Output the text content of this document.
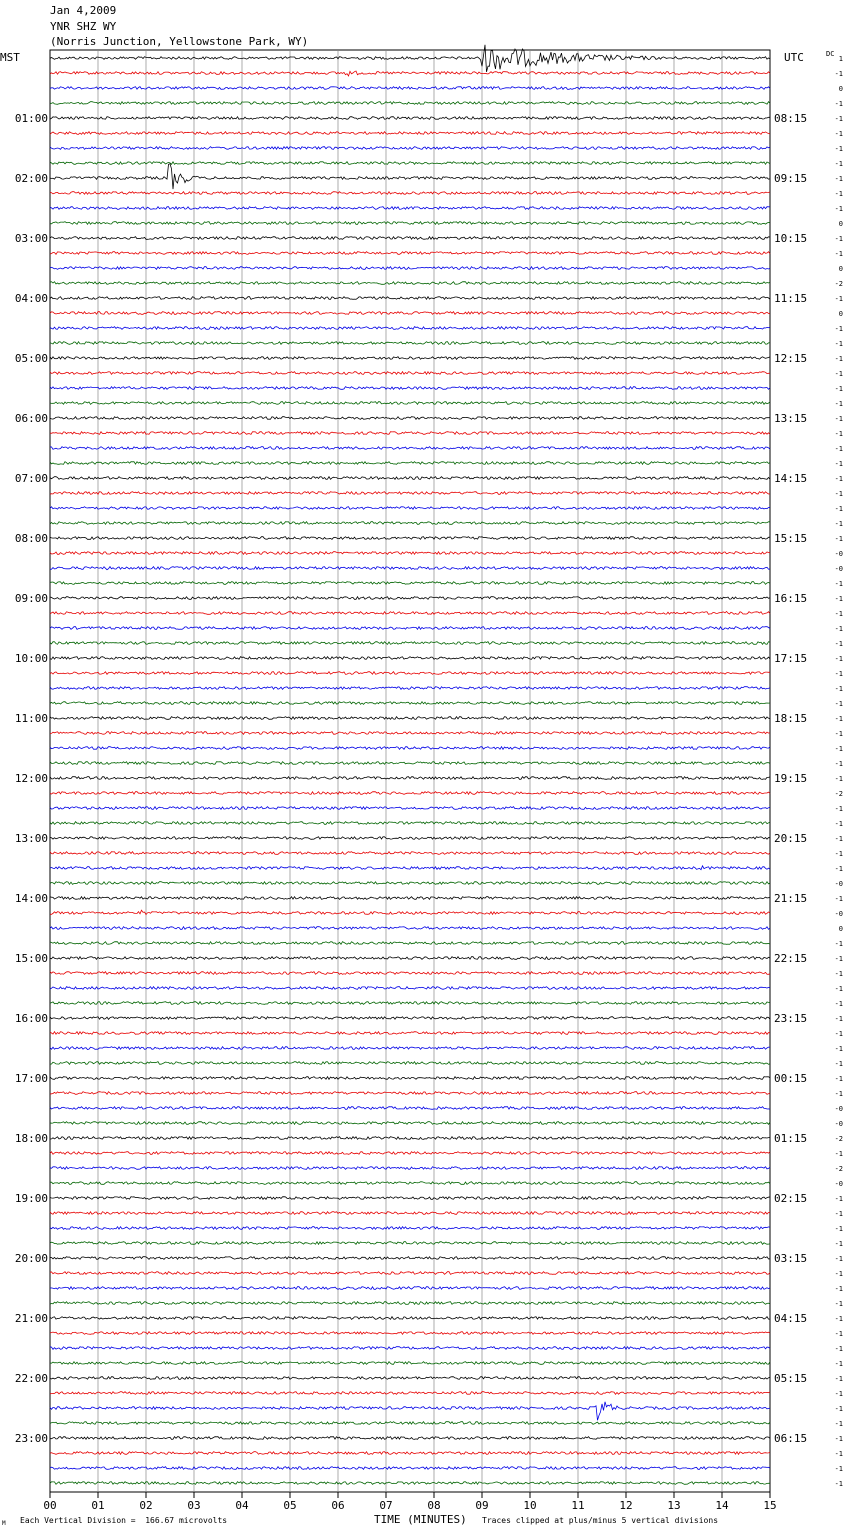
Jan 4,2009
YNR SHZ WY
(Norris Junction, Yellowstone Park, WY)
MST	UTC	DC
00	01	02	03	04	05	06	07	08	09	10	11	12	13	14	15
1
-1
0
-1
-1
-1
-1
-1
-1
-1
-1
0
-1
-1
0
-2
-1
0
-1
-1
-1
-1
-1
-1
-1
-1
-1
-1
-1
-1
-1
-1
-1
-0
-0
-1
-1
-1
-1
-1
-1
-1
-1
-1
-1
-1
-1
-1
-1
-2
-1
-1
-1
-1
-1
-0
-1
-0
0
-1
-1
-1
-1
-1
-1
-1
-1
-1
-1
-1
-0
-0
-2
-1
-2
-0
-1
-1
-1
-1
-1
-1
-1
-1
-1
-1
-1
-1
-1
-1
-1
-1
-1
-1
-1
-1
01:00
02:00
03:00
04:00
05:00
06:00
07:00
08:00
09:00
10:00
11:00
12:00
13:00
14:00
15:00
16:00
17:00
18:00
19:00
20:00
21:00
22:00
23:00
08:15
09:15
10:15
11:15
12:15
13:15
14:15
15:15
16:15
17:15
18:15
19:15
20:15
21:15
22:15
23:15
00:15
01:15
02:15
03:15
04:15
05:15
06:15
M Each Vertical Division =  166.67 microvolts	TIME (MINUTES) Traces clipped at plus/minus 5 vertical divisions
